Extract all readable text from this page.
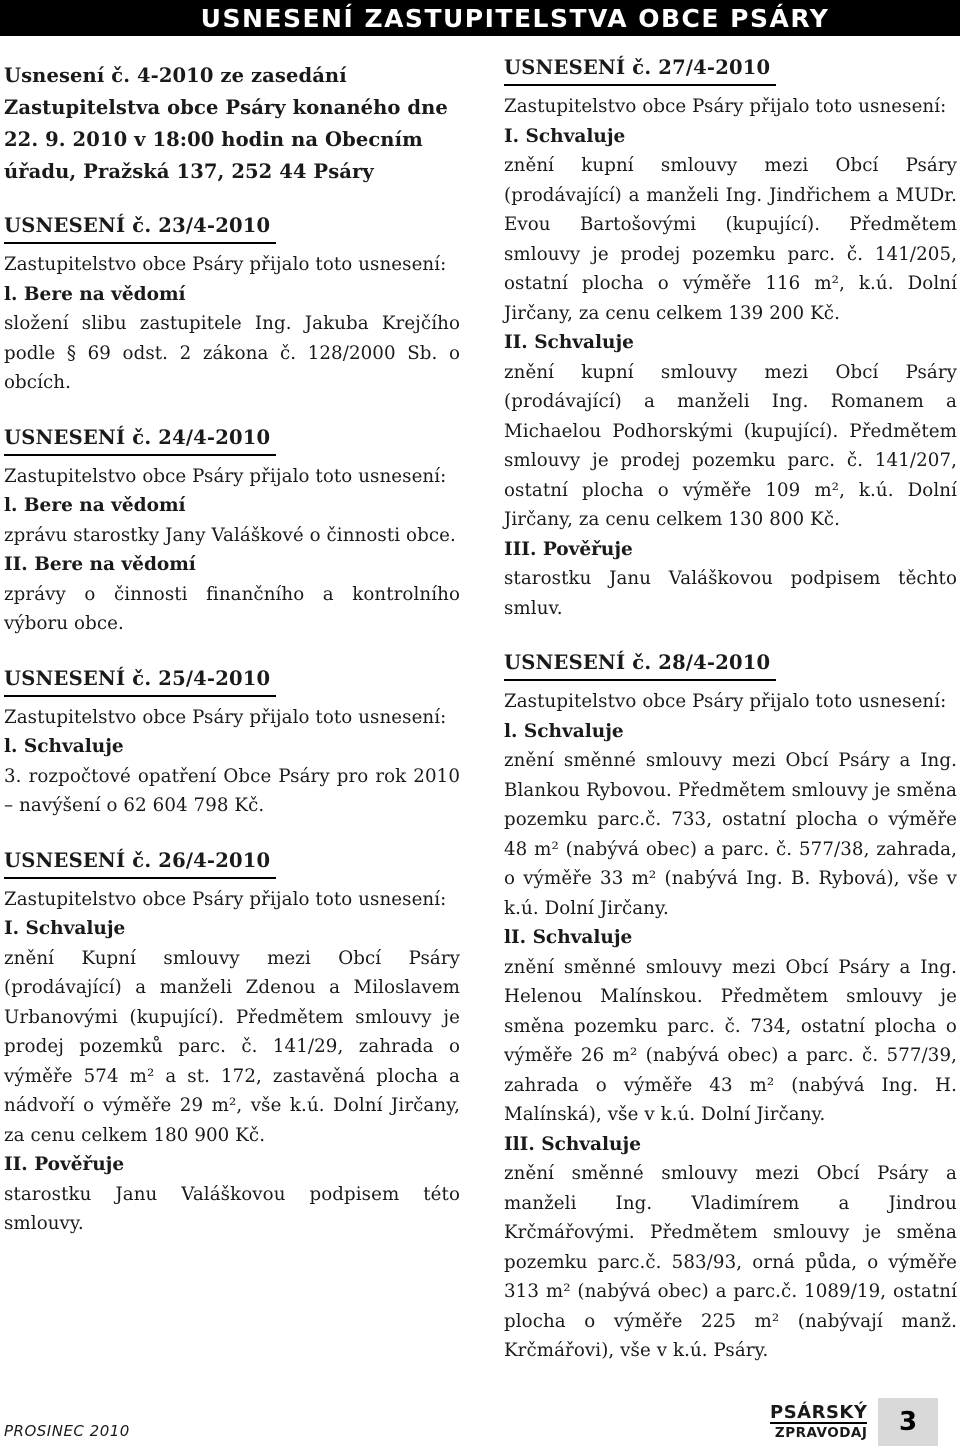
USNESENÍ ZASTUPITELSTVA OBCE PSÁRY
Usnesení č. 4-2010 ze zasedání Zastupitelstva obce Psáry konaného dne 22. 9. 2010 v 18:00 hodin na Obecním úřadu, Pražská 137, 252 44 Psáry
USNESENÍ č. 23/4-2010

Zastupitelstvo obce Psáry přijalo toto usnesení:

l. Bere na vědomí

složení slibu zastupitele Ing. Jakuba Krejčího podle § 69 odst. 2 zákona č. 128/2000 Sb. o obcích.

USNESENÍ č. 24/4-2010

Zastupitelstvo obce Psáry přijalo toto usnesení:

l. Bere na vědomí

zprávu starostky Jany Valáškové o činnosti obce.

II. Bere na vědomí

zprávy o činnosti finančního a kontrolního výboru obce.

USNESENÍ č. 25/4-2010

Zastupitelstvo obce Psáry přijalo toto usnesení:

l. Schvaluje

3. rozpočtové opatření Obce Psáry pro rok 2010 – navýšení o 62 604 798 Kč.

USNESENÍ č. 26/4-2010

Zastupitelstvo obce Psáry přijalo toto usnesení:

I. Schvaluje

znění Kupní smlouvy mezi Obcí Psáry (prodávající) a manželi Zdenou a Miloslavem Urbanovými (kupující). Předmětem smlouvy je prodej pozemků parc. č. 141/29, zahrada o výměře 574 m² a st. 172, zastavěná plocha a nádvoří o výměře 29 m², vše k.ú. Dolní Jirčany, za cenu celkem 180 900 Kč.

II. Pověřuje

starostku Janu Valáškovou podpisem této smlouvy.

USNESENÍ č. 27/4-2010

Zastupitelstvo obce Psáry přijalo toto usnesení:

I. Schvaluje

znění kupní smlouvy mezi Obcí Psáry (prodávající) a manželi Ing. Jindřichem a MUDr. Evou Bartošovými (kupující). Předmětem smlouvy je prodej pozemku parc. č. 141/205, ostatní plocha o výměře 116 m², k.ú. Dolní Jirčany, za cenu celkem 139 200 Kč.

II. Schvaluje

znění kupní smlouvy mezi Obcí Psáry (prodávající) a manželi Ing. Romanem a Michaelou Podhorskými (kupující). Předmětem smlouvy je prodej pozemku parc. č. 141/207, ostatní plocha o výměře 109 m², k.ú. Dolní Jirčany, za cenu celkem 130 800 Kč.

III. Pověřuje

starostku Janu Valáškovou podpisem těchto smluv.

USNESENÍ č. 28/4-2010

Zastupitelstvo obce Psáry přijalo toto usnesení:

l. Schvaluje

znění směnné smlouvy mezi Obcí Psáry a Ing. Blankou Rybovou. Předmětem smlouvy je směna pozemku parc.č. 733, ostatní plocha o výměře 48 m² (nabývá obec) a parc. č. 577/38, zahrada, o výměře 33 m² (nabývá Ing. B. Rybová), vše v k.ú. Dolní Jirčany.

lI. Schvaluje

znění směnné smlouvy mezi Obcí Psáry a Ing. Helenou Malínskou. Předmětem smlouvy je směna pozemku parc. č. 734, ostatní plocha o výměře 26 m² (nabývá obec) a parc. č. 577/39, zahrada o výměře 43 m² (nabývá Ing. H. Malínská), vše v k.ú. Dolní Jirčany.

IlI. Schvaluje

znění směnné smlouvy mezi Obcí Psáry a manželi Ing. Vladimírem a Jindrou Krčmářovými. Předmětem smlouvy je směna pozemku parc.č. 583/93, orná půda, o výměře 313 m² (nabývá obec) a parc.č. 1089/19, ostatní plocha o výměře 225 m² (nabývají manž. Krčmářovi), vše v k.ú. Psáry.

PROSINEC 2010
PSÁRSKÝ
ZPRAVODAJ	3
